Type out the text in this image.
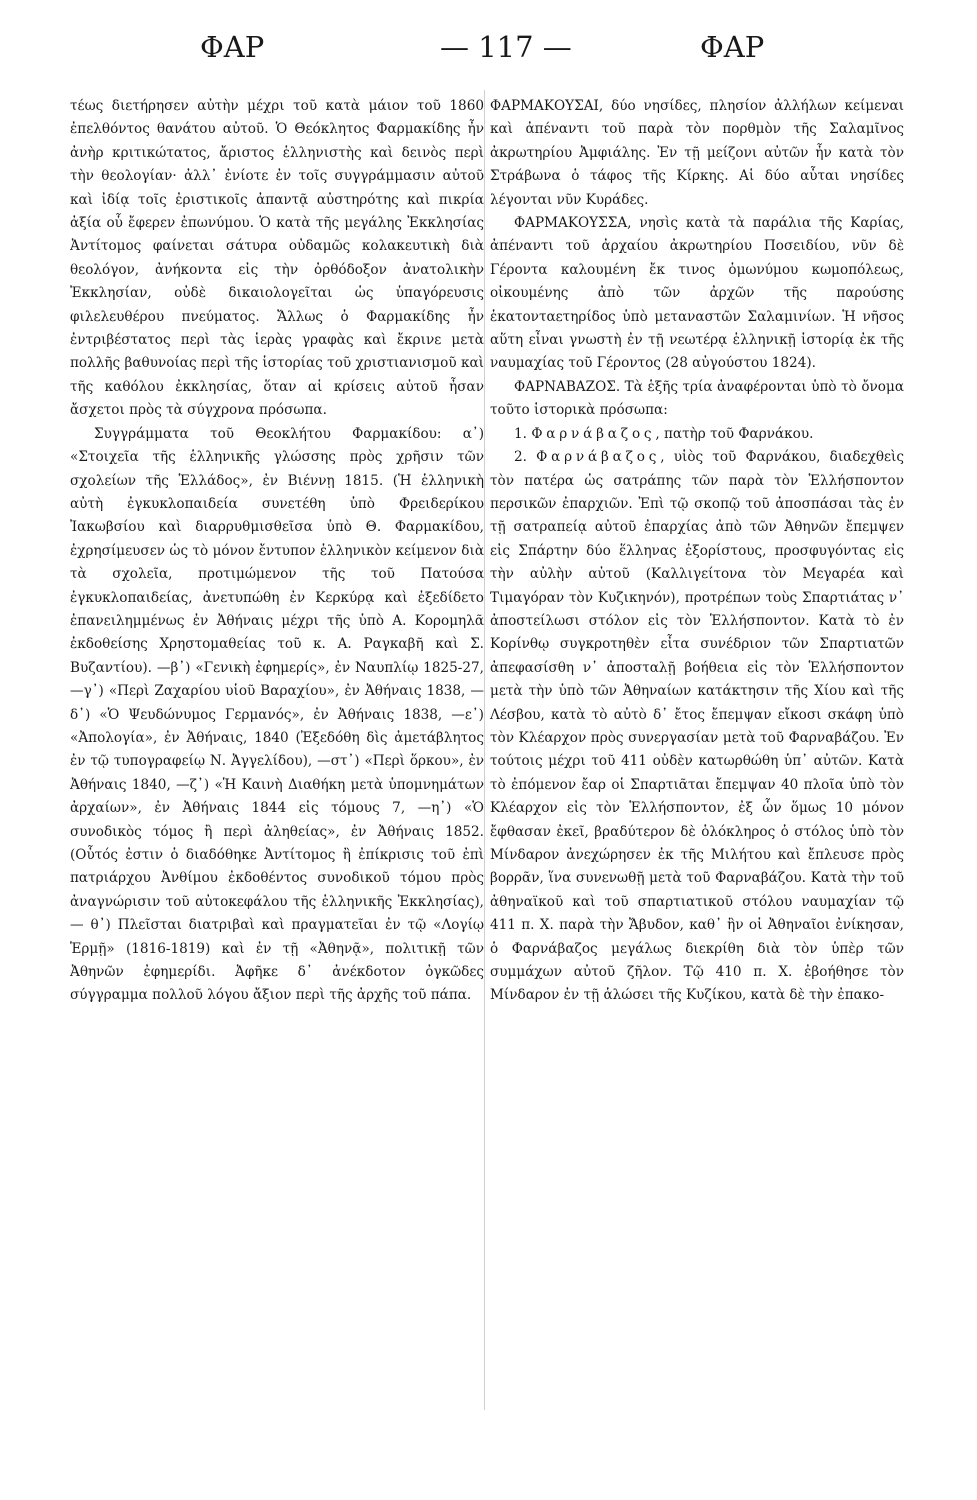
ΦΑΡ	— 117 —	ΦΑΡ

τέως διετήρησεν αὐτὴν μέχρι τοῦ κατὰ μάιον τοῦ 1860 ἐπελθόντος θανάτου αὐτοῦ. Ὁ Θεόκλητος Φαρμακίδης ἦν ἀνὴρ κριτικώτατος, ἄριστος ἑλληνιστὴς καὶ δεινὸς περὶ τὴν θεολογίαν· ἀλλ᾿ ἐνίοτε ἐν τοῖς συγγράμμασιν αὐτοῦ καὶ ἰδίᾳ τοῖς ἐριστικοῖς ἀπαντᾷ αὐστηρότης καὶ πικρία ἀξία οὗ ἔφερεν ἐπωνύμου. Ὁ κατὰ τῆς μεγάλης Ἐκκλησίας Ἀντίτομος φαίνεται σάτυρα οὐδαμῶς κολακευτικὴ διὰ θεολόγον, ἀνήκοντα εἰς τὴν ὀρθόδοξον ἀνατολικὴν Ἐκκλησίαν, οὐδὲ δικαιολογεῖται ὡς ὑπαγόρευσις φιλελευθέρου πνεύματος. Ἄλλως ὁ Φαρμακίδης ἦν ἐντριβέστατος περὶ τὰς ἱερὰς γραφὰς καὶ ἔκρινε μετὰ πολλῆς βαθυνοίας περὶ τῆς ἱστορίας τοῦ χριστιανισμοῦ καὶ τῆς καθόλου ἐκκλησίας, ὅταν αἱ κρίσεις αὐτοῦ ἦσαν ἄσχετοι πρὸς τὰ σύγχρονα πρόσωπα.

Συγγράμματα τοῦ Θεοκλήτου Φαρμακίδου: α᾿) «Στοιχεῖα τῆς ἑλληνικῆς γλώσσης πρὸς χρῆσιν τῶν σχολείων τῆς Ἑλλάδος», ἐν Βιέννῃ 1815. (Ἡ ἑλληνικὴ αὐτὴ ἐγκυκλοπαιδεία συνετέθη ὑπὸ Φρειδερίκου Ἰακωβσίου καὶ διαρρυθμισθεῖσα ὑπὸ Θ. Φαρμακίδου, ἐχρησίμευσεν ὡς τὸ μόνον ἔντυπον ἑλληνικὸν κείμενον διὰ τὰ σχολεῖα, προτιμώμενον τῆς τοῦ Πατούσα ἐγκυκλοπαιδείας, ἀνετυπώθη ἐν Κερκύρᾳ καὶ ἐξεδίδετο ἐπανειλημμένως ἐν Ἀθήναις μέχρι τῆς ὑπὸ Α. Κορομηλᾶ ἐκδοθείσης Χρηστομαθείας τοῦ κ. Α. Ραγκαβῆ καὶ Σ. Βυζαντίου). —β᾿) «Γενικὴ ἐφημερίς», ἐν Ναυπλίῳ 1825-27, —γ᾿) «Περὶ Ζαχαρίου υἱοῦ Βαραχίου», ἐν Ἀθήναις 1838, — δ᾿) «Ὁ Ψευδώνυμος Γερμανός», ἐν Ἀθήναις 1838, —ε᾿) «Ἀπολογία», ἐν Ἀθήναις, 1840 (Ἐξεδόθη δὶς ἀμετάβλητος ἐν τῷ τυπογραφείῳ Ν. Ἀγγελίδου), —στ᾿) «Περὶ ὅρκου», ἐν Ἀθήναις 1840, —ζ᾿) «Ἡ Καινὴ Διαθήκη μετὰ ὑπομνημάτων ἀρχαίων», ἐν Ἀθήναις 1844 εἰς τόμους 7, —η᾿) «Ὁ συνοδικὸς τόμος ἢ περὶ ἀληθείας», ἐν Ἀθήναις 1852. (Οὗτός ἐστιν ὁ διαδόθηκε Ἀντίτομος ἢ ἐπίκρισις τοῦ ἐπὶ πατριάρχου Ἀνθίμου ἐκδοθέντος συνοδικοῦ τόμου πρὸς ἀναγνώρισιν τοῦ αὐτοκεφάλου τῆς ἑλληνικῆς Ἐκκλησίας), — θ᾿) Πλεῖσται διατριβαὶ καὶ πραγματεῖαι ἐν τῷ «Λογίῳ Ἑρμῇ» (1816-1819) καὶ ἐν τῇ «Ἀθηνᾷ», πολιτικῇ τῶν Ἀθηνῶν ἐφημερίδι. Ἀφῆκε δ᾿ ἀνέκδοτον ὀγκῶδες σύγγραμμα πολλοῦ λόγου ἄξιον περὶ τῆς ἀρχῆς τοῦ πάπα.

ΦΑΡΜΑΚΟΥΣΑΙ, δύο νησίδες, πλησίον ἀλλήλων κείμεναι καὶ ἀπέναντι τοῦ παρὰ τὸν πορθμὸν τῆς Σαλαμῖνος ἀκρωτηρίου Ἀμφιάλης. Ἐν τῇ μείζονι αὐτῶν ἦν κατὰ τὸν Στράβωνα ὁ τάφος τῆς Κίρκης. Αἱ δύο αὗται νησίδες λέγονται νῦν Κυράδες.

ΦΑΡΜΑΚΟΥΣΣΑ, νησὶς κατὰ τὰ παράλια τῆς Καρίας, ἀπέναντι τοῦ ἀρχαίου ἀκρωτηρίου Ποσειδίου, νῦν δὲ Γέροντα καλουμένη ἔκ τινος ὁμωνύμου κωμοπόλεως, οἰκουμένης ἀπὸ τῶν ἀρχῶν τῆς παρούσης ἑκατονταετηρίδος ὑπὸ μεταναστῶν Σαλαμινίων. Ἡ νῆσος αὕτη εἶναι γνωστὴ ἐν τῇ νεωτέρᾳ ἑλληνικῇ ἱστορίᾳ ἐκ τῆς ναυμαχίας τοῦ Γέροντος (28 αὐγούστου 1824).

ΦΑΡΝΑΒΑΖΟΣ. Τὰ ἑξῆς τρία ἀναφέρονται ὑπὸ τὸ ὄνομα τοῦτο ἱστορικὰ πρόσωπα:

1. Φαρνάβαζος, πατὴρ τοῦ Φαρνάκου.

2. Φαρνάβαζος, υἱὸς τοῦ Φαρνάκου, διαδεχθεὶς τὸν πατέρα ὡς σατράπης τῶν παρὰ τὸν Ἑλλήσποντον περσικῶν ἐπαρχιῶν. Ἐπὶ τῷ σκοπῷ τοῦ ἀποσπάσαι τὰς ἐν τῇ σατραπείᾳ αὐτοῦ ἐπαρχίας ἀπὸ τῶν Ἀθηνῶν ἔπεμψεν εἰς Σπάρτην δύο ἕλληνας ἐξορίστους, προσφυγόντας εἰς τὴν αὐλὴν αὐτοῦ (Καλλιγείτονα τὸν Μεγαρέα καὶ Τιμαγόραν τὸν Κυζικηνόν), προτρέπων τοὺς Σπαρτιάτας ν᾿ ἀποστείλωσι στόλον εἰς τὸν Ἑλλήσποντον. Κατὰ τὸ ἐν Κορίνθῳ συγκροτηθὲν εἶτα συνέδριον τῶν Σπαρτιατῶν ἀπεφασίσθη ν᾿ ἀποσταλῇ βοήθεια εἰς τὸν Ἑλλήσποντον μετὰ τὴν ὑπὸ τῶν Ἀθηναίων κατάκτησιν τῆς Χίου καὶ τῆς Λέσβου, κατὰ τὸ αὐτὸ δ᾿ ἔτος ἔπεμψαν εἴκοσι σκάφη ὑπὸ τὸν Κλέαρχον πρὸς συνεργασίαν μετὰ τοῦ Φαρναβάζου. Ἐν τούτοις μέχρι τοῦ 411 οὐδὲν κατωρθώθη ὑπ᾿ αὐτῶν. Κατὰ τὸ ἐπόμενον ἔαρ οἱ Σπαρτιᾶται ἔπεμψαν 40 πλοῖα ὑπὸ τὸν Κλέαρχον εἰς τὸν Ἑλλήσποντον, ἐξ ὧν ὅμως 10 μόνον ἔφθασαν ἐκεῖ, βραδύτερον δὲ ὁλόκληρος ὁ στόλος ὑπὸ τὸν Μίνδαρον ἀνεχώρησεν ἐκ τῆς Μιλήτου καὶ ἔπλευσε πρὸς βορρᾶν, ἵνα συνενωθῇ μετὰ τοῦ Φαρναβάζου. Κατὰ τὴν τοῦ ἀθηναϊκοῦ καὶ τοῦ σπαρτιατικοῦ στόλου ναυμαχίαν τῷ 411 π. Χ. παρὰ τὴν Ἄβυδον, καθ᾿ ἣν οἱ Ἀθηναῖοι ἐνίκησαν, ὁ Φαρνάβαζος μεγάλως διεκρίθη διὰ τὸν ὑπὲρ τῶν συμμάχων αὐτοῦ ζῆλον. Τῷ 410 π. Χ. ἐβοήθησε τὸν Μίνδαρον ἐν τῇ ἁλώσει τῆς Κυζίκου, κατὰ δὲ τὴν ἐπακο-
